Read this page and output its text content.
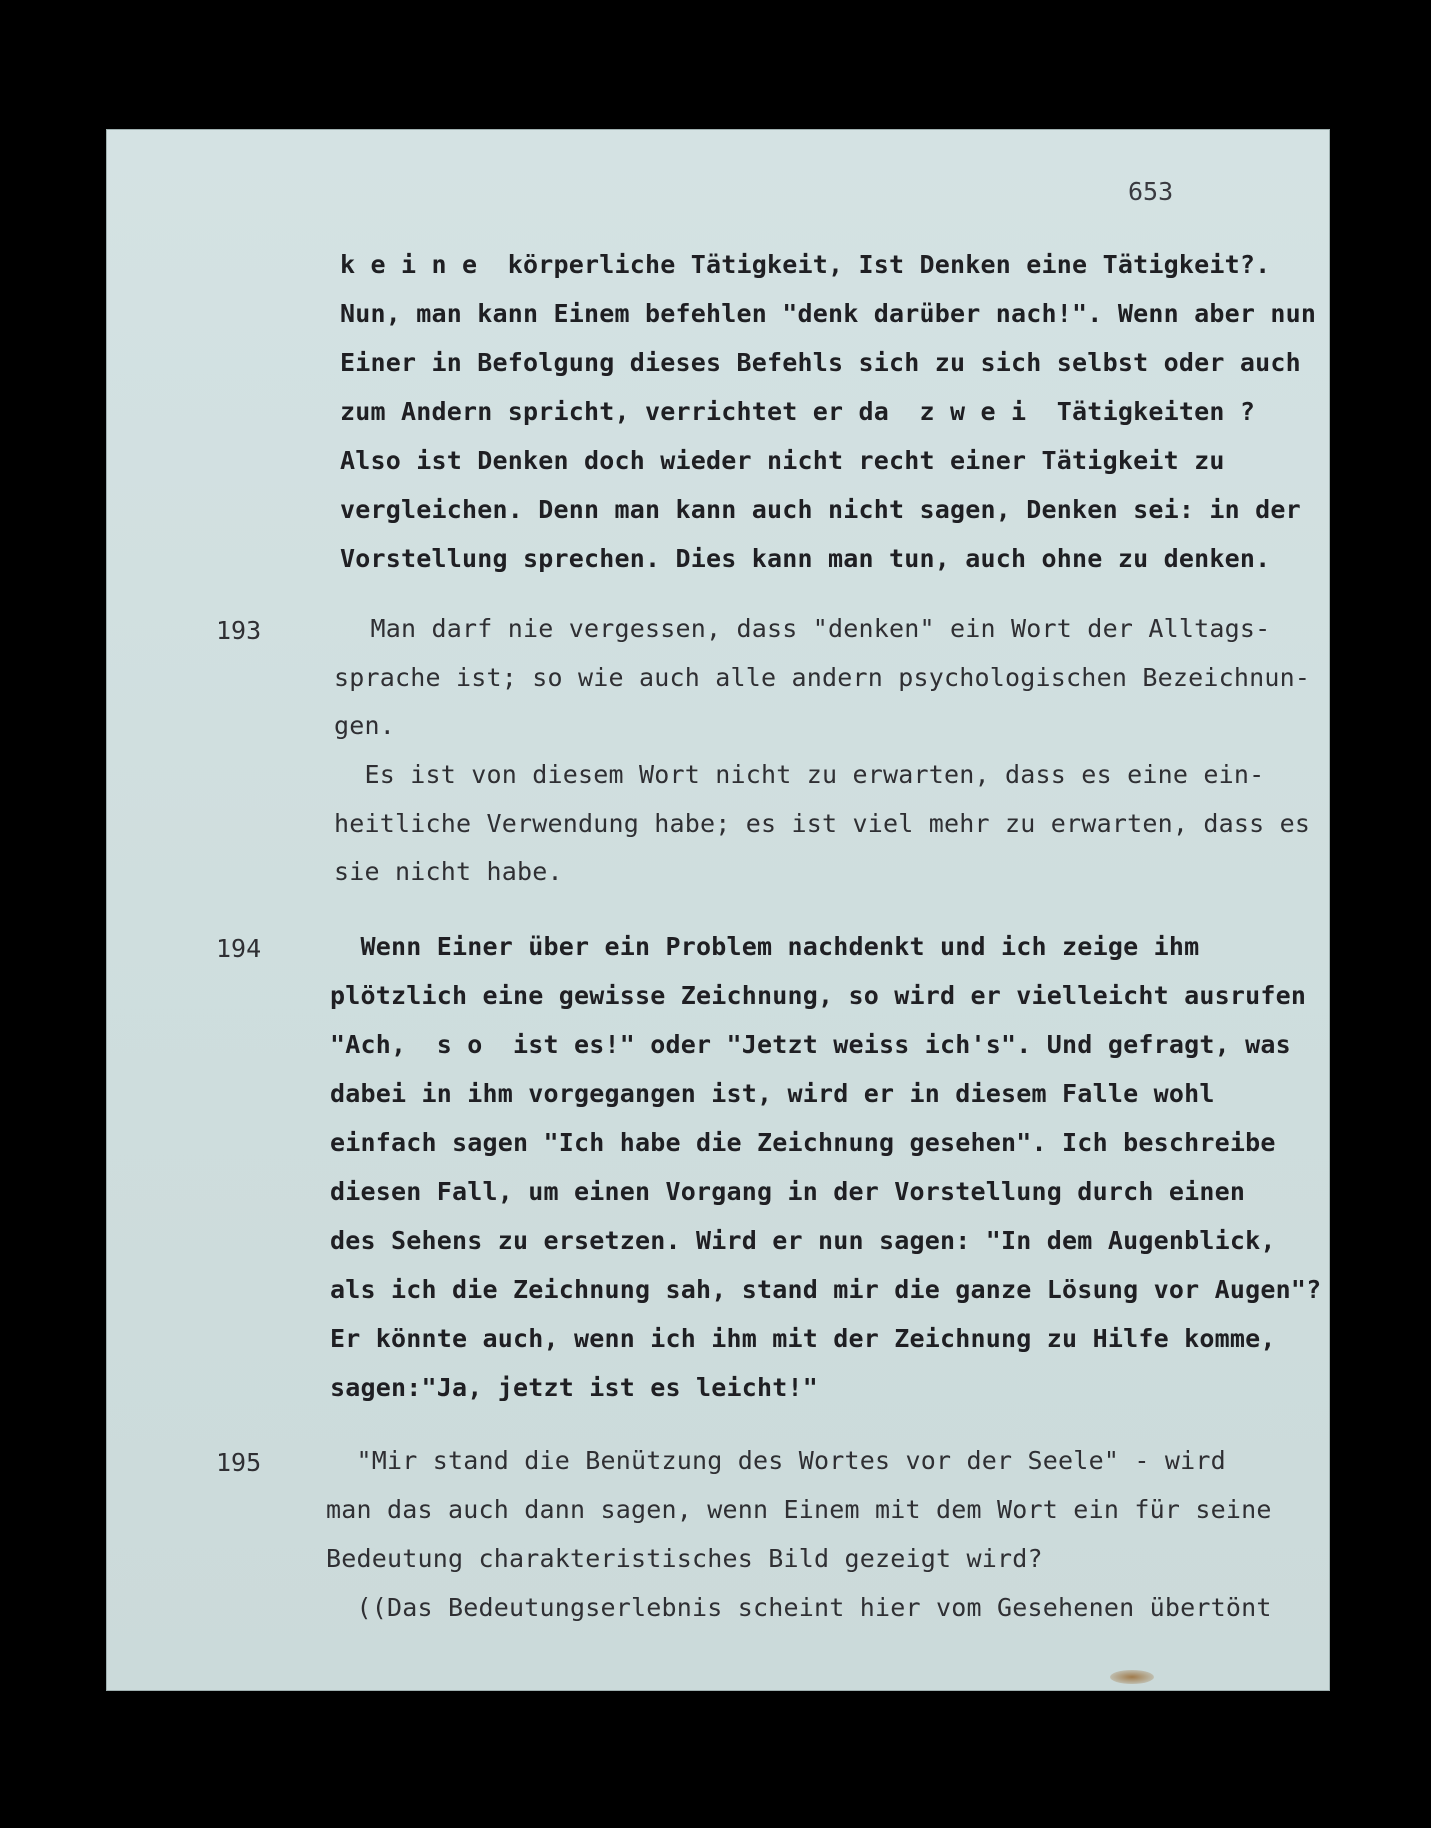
653
k e i n e  körperliche Tätigkeit, Ist Denken eine Tätigkeit?.
Nun, man kann Einem befehlen "denk darüber nach!". Wenn aber nun
Einer in Befolgung dieses Befehls sich zu sich selbst oder auch
zum Andern spricht, verrichtet er da  z w e i  Tätigkeiten ?
Also ist Denken doch wieder nicht recht einer Tätigkeit zu
vergleichen. Denn man kann auch nicht sagen, Denken sei: in der
Vorstellung sprechen. Dies kann man tun, auch ohne zu denken.
193	Man darf nie vergessen, dass "denken" ein Wort der Alltags-
sprache ist; so wie auch alle andern psychologischen Bezeichnun-
gen.
Es ist von diesem Wort nicht zu erwarten, dass es eine ein-
heitliche Verwendung habe; es ist viel mehr zu erwarten, dass es
sie nicht habe.
194	Wenn Einer über ein Problem nachdenkt und ich zeige ihm
plötzlich eine gewisse Zeichnung, so wird er vielleicht ausrufen
"Ach,  s o  ist es!" oder "Jetzt weiss ich's". Und gefragt, was
dabei in ihm vorgegangen ist, wird er in diesem Falle wohl
einfach sagen "Ich habe die Zeichnung gesehen". Ich beschreibe
diesen Fall, um einen Vorgang in der Vorstellung durch einen
des Sehens zu ersetzen. Wird er nun sagen: "In dem Augenblick,
als ich die Zeichnung sah, stand mir die ganze Lösung vor Augen"?
Er könnte auch, wenn ich ihm mit der Zeichnung zu Hilfe komme,
sagen:"Ja, jetzt ist es leicht!"
195	"Mir stand die Benützung des Wortes vor der Seele" - wird
man das auch dann sagen, wenn Einem mit dem Wort ein für seine
Bedeutung charakteristisches Bild gezeigt wird?
((Das Bedeutungserlebnis scheint hier vom Gesehenen übertönt
